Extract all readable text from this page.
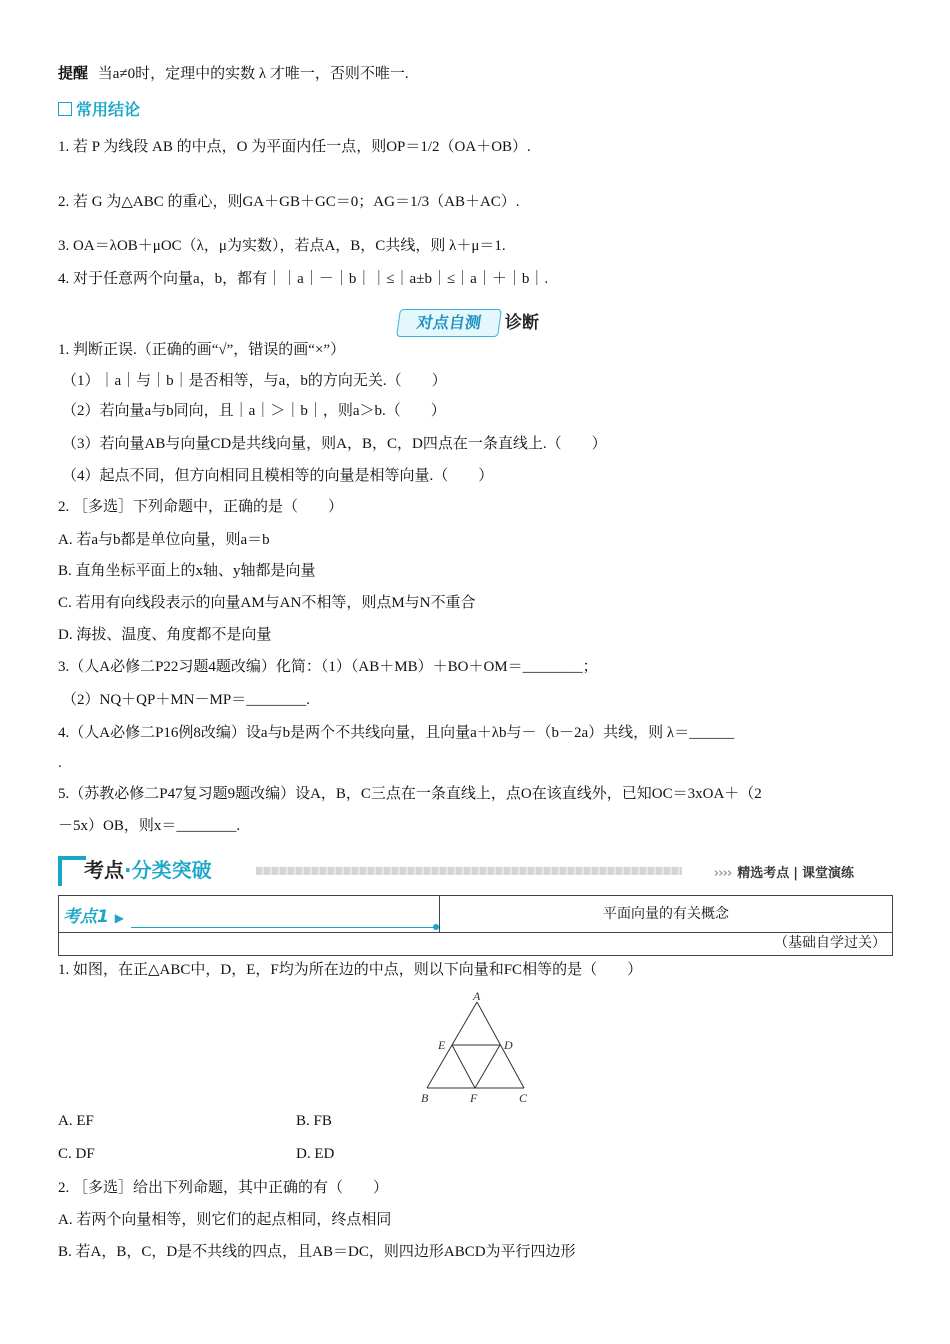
提醒 当a≠0时，定理中的实数 λ 才唯一，否则不唯一.
常用结论
1. 若 P 为线段 AB 的中点，O 为平面内任一点，则OP＝1/2（OA＋OB）.
2. 若 G 为△ABC 的重心，则GA＋GB＋GC＝0；AG＝1/3（AB＋AC）.
3. OA＝λOB＋μOC（λ，μ为实数），若点A，B，C共线，则 λ＋μ＝1.
4. 对于任意两个向量a，b，都有｜｜a｜－｜b｜｜≤｜a±b｜≤｜a｜＋｜b｜.
对点自测	诊断
1. 判断正误.（正确的画“√”，错误的画“×”）
（1）｜a｜与｜b｜是否相等，与a，b的方向无关.（　　）
（2）若向量a与b同向，且｜a｜＞｜b｜，则a＞b.（　　）
（3）若向量AB与向量CD是共线向量，则A，B，C，D四点在一条直线上.（　　）
（4）起点不同，但方向相同且模相等的向量是相等向量.（　　）
2. ［多选］下列命题中，正确的是（　　）
A. 若a与b都是单位向量，则a＝b
B. 直角坐标平面上的x轴、y轴都是向量
C. 若用有向线段表示的向量AM与AN不相等，则点M与N不重合
D. 海拔、温度、角度都不是向量
3.（人A必修二P22习题4题改编）化简：（1）（AB＋MB）＋BO＋OM＝________；
（2）NQ＋QP＋MN－MP＝________.
4.（人A必修二P16例8改编）设a与b是两个不共线向量，且向量a＋λb与－（b－2a）共线，则 λ＝______
.
5.（苏教必修二P47复习题9题改编）设A，B，C三点在一条直线上，点O在该直线外，已知OC＝3xOA＋（2
－5x）OB，则x＝________.
考点·分类突破	›››› 精选考点 | 课堂演练
考点1 ▶	平面向量的有关概念
（基础自学过关）
1. 如图，在正△ABC中，D，E，F均为所在边的中点，则以下向量和FC相等的是（　　）
A
E	D
B	F	C
A. EF	B. FB
C. DF	D. ED
2. ［多选］给出下列命题，其中正确的有（　　）
A. 若两个向量相等，则它们的起点相同，终点相同
B. 若A，B，C，D是不共线的四点，且AB＝DC，则四边形ABCD为平行四边形
